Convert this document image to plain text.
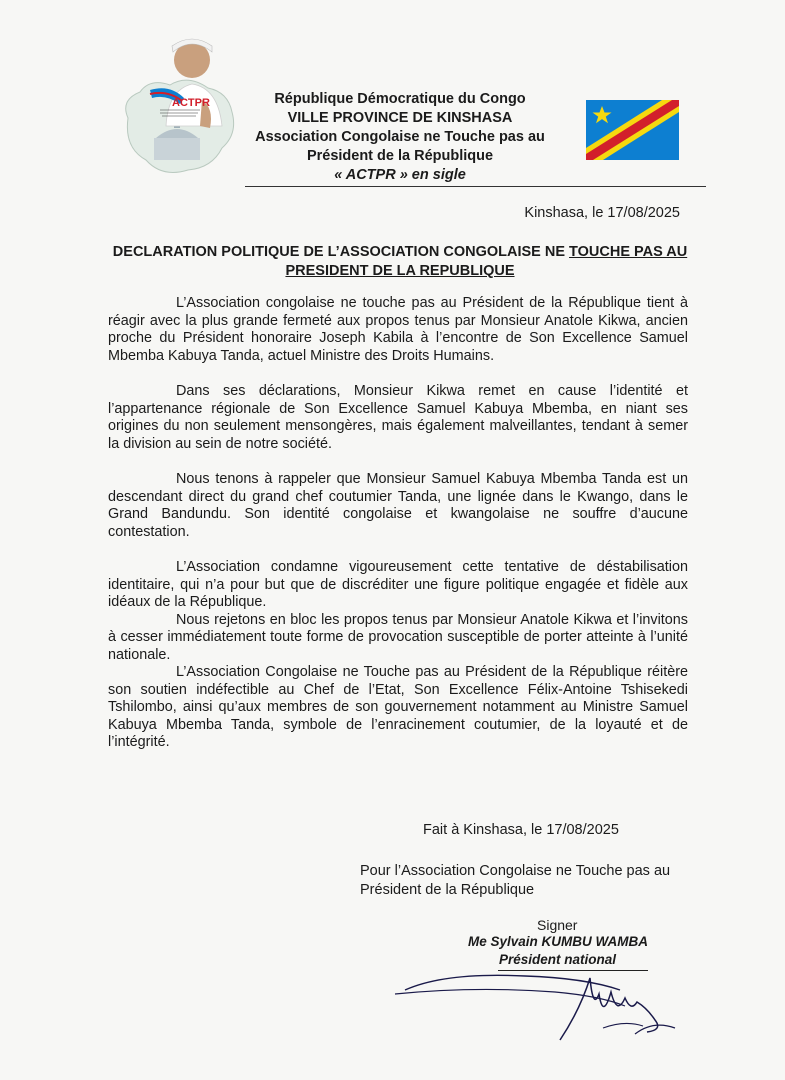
ACTPR	République Démocratique du Congo
VILLE PROVINCE DE KINSHASA
Association Congolaise ne Touche pas au
Président de la République
« ACTPR » en sigle
Kinshasa, le 17/08/2025
DECLARATION POLITIQUE DE L’ASSOCIATION CONGOLAISE NE TOUCHE PAS AU
PRESIDENT DE LA REPUBLIQUE

L’Association congolaise ne touche pas au Président de la République tient à réagir avec la plus grande fermeté aux propos tenus par Monsieur Anatole Kikwa, ancien proche du Président honoraire Joseph Kabila à l’encontre de Son Excellence Samuel Mbemba Kabuya Tanda, actuel Ministre des Droits Humains.

Dans ses déclarations, Monsieur Kikwa remet en cause l’identité et l’appartenance régionale de Son Excellence Samuel Kabuya Mbemba, en niant ses origines du non seulement mensongères, mais également malveillantes, tendant à semer la division au sein de notre société.

Nous tenons à rappeler que Monsieur Samuel Kabuya Mbemba Tanda est un descendant direct du grand chef coutumier Tanda, une lignée dans le Kwango, dans le Grand Bandundu. Son identité congolaise et kwangolaise ne souffre d’aucune contestation.

L’Association condamne vigoureusement cette tentative de déstabilisation identitaire, qui n’a pour but que de discréditer une figure politique engagée et fidèle aux idéaux de la République.

Nous rejetons en bloc les propos tenus par Monsieur Anatole Kikwa et l’invitons à cesser immédiatement toute forme de provocation susceptible de porter atteinte à l’unité nationale.

L’Association Congolaise ne Touche pas au Président de la République réitère son soutien indéfectible au Chef de l’Etat, Son Excellence Félix-Antoine Tshisekedi Tshilombo, ainsi qu’aux membres de son gouvernement notamment au Ministre Samuel Kabuya Mbemba Tanda, symbole de l’enracinement coutumier, de la loyauté et de l’intégrité.

Fait à Kinshasa, le 17/08/2025
Pour l’Association Congolaise ne Touche pas au Président de la République
Signer
Me Sylvain KUMBU WAMBA
Président national
